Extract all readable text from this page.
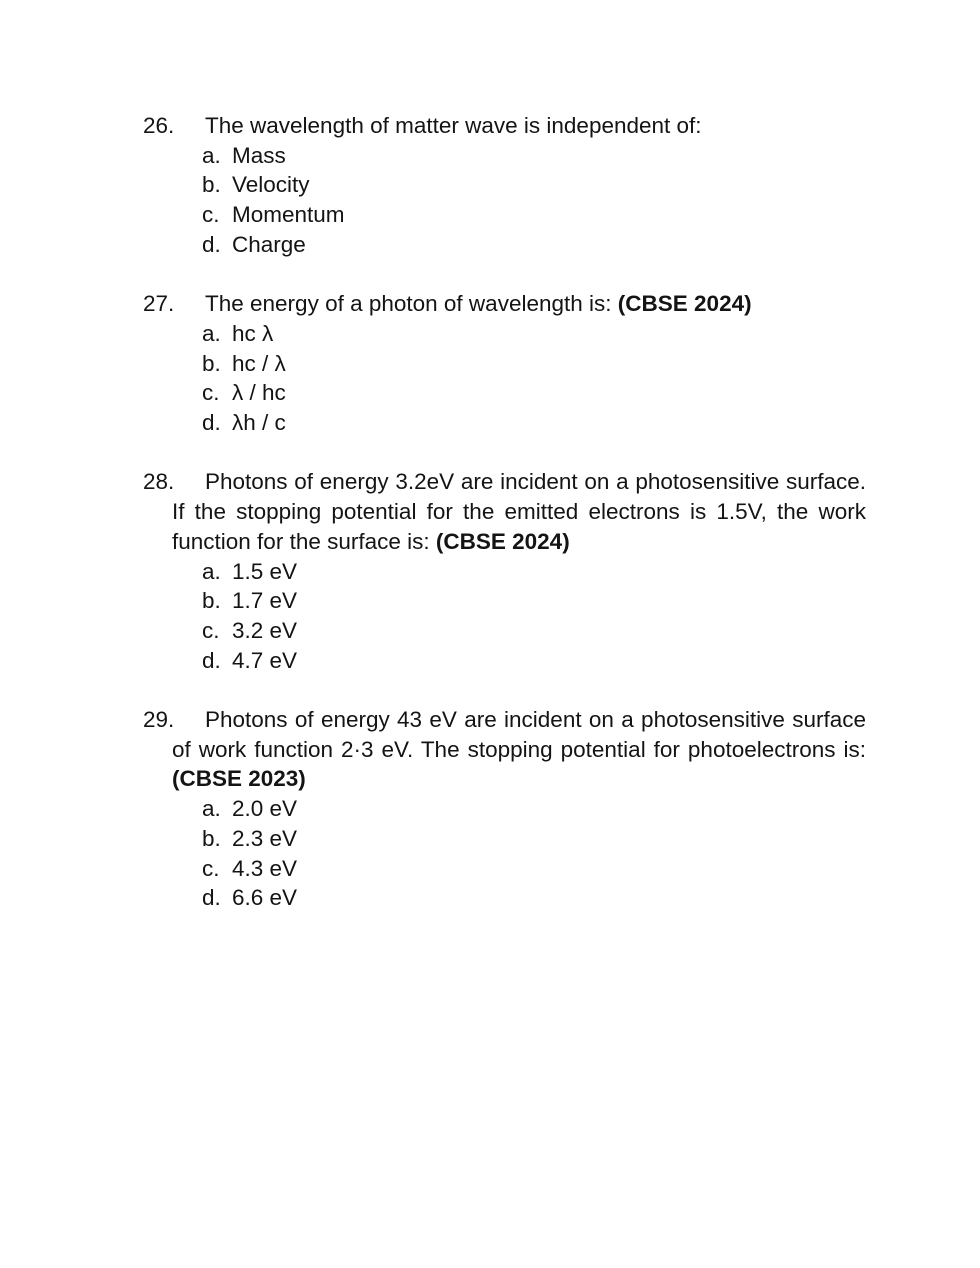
26. The wavelength of matter wave is independent of:

a. Mass
b. Velocity
c. Momentum
d. Charge

27. The energy of a photon of wavelength is: (CBSE 2024)

a. hc λ
b. hc / λ
c. λ / hc
d. λh / c

28. Photons of energy 3.2eV are incident on a photosensitive surface. If the stopping potential for the emitted electrons is 1.5V, the work function for the surface is: (CBSE 2024)

a. 1.5 eV
b. 1.7 eV
c. 3.2 eV
d. 4.7 eV

29. Photons of energy 43 eV are incident on a photosensitive surface of work function 2·3 eV. The stopping potential for photoelectrons is: (CBSE 2023)

a. 2.0 eV
b. 2.3 eV
c. 4.3 eV
d. 6.6 eV
